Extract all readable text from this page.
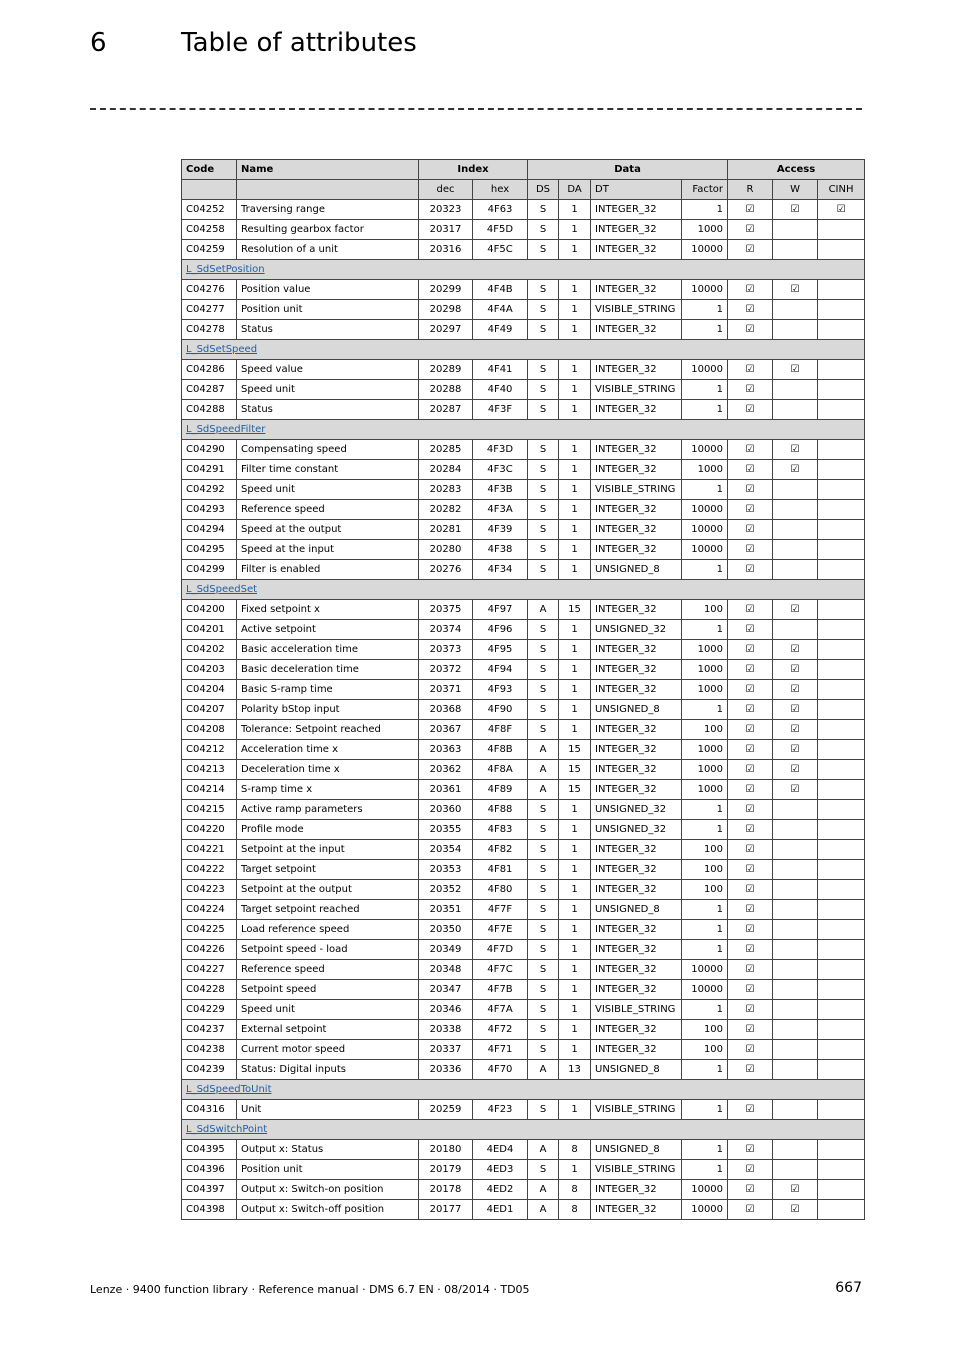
6	Table of attributes
Code	Name	Index		Data				Access		
		dec	hex	DS	DA	DT	Factor	R	W	CINH
C04252	Traversing range	20323	4F63	S	1	INTEGER_32	1	☑	☑	☑
C04258	Resulting gearbox factor	20317	4F5D	S	1	INTEGER_32	1000	☑		
C04259	Resolution of a unit	20316	4F5C	S	1	INTEGER_32	10000	☑		
L_SdSetPosition										
C04276	Position value	20299	4F4B	S	1	INTEGER_32	10000	☑	☑	
C04277	Position unit	20298	4F4A	S	1	VISIBLE_STRING	1	☑		
C04278	Status	20297	4F49	S	1	INTEGER_32	1	☑		
L_SdSetSpeed										
C04286	Speed value	20289	4F41	S	1	INTEGER_32	10000	☑	☑	
C04287	Speed unit	20288	4F40	S	1	VISIBLE_STRING	1	☑		
C04288	Status	20287	4F3F	S	1	INTEGER_32	1	☑		
L_SdSpeedFilter										
C04290	Compensating speed	20285	4F3D	S	1	INTEGER_32	10000	☑	☑	
C04291	Filter time constant	20284	4F3C	S	1	INTEGER_32	1000	☑	☑	
C04292	Speed unit	20283	4F3B	S	1	VISIBLE_STRING	1	☑		
C04293	Reference speed	20282	4F3A	S	1	INTEGER_32	10000	☑		
C04294	Speed at the output	20281	4F39	S	1	INTEGER_32	10000	☑		
C04295	Speed at the input	20280	4F38	S	1	INTEGER_32	10000	☑		
C04299	Filter is enabled	20276	4F34	S	1	UNSIGNED_8	1	☑		
L_SdSpeedSet										
C04200	Fixed setpoint x	20375	4F97	A	15	INTEGER_32	100	☑	☑	
C04201	Active setpoint	20374	4F96	S	1	UNSIGNED_32	1	☑		
C04202	Basic acceleration time	20373	4F95	S	1	INTEGER_32	1000	☑	☑	
C04203	Basic deceleration time	20372	4F94	S	1	INTEGER_32	1000	☑	☑	
C04204	Basic S-ramp time	20371	4F93	S	1	INTEGER_32	1000	☑	☑	
C04207	Polarity bStop input	20368	4F90	S	1	UNSIGNED_8	1	☑	☑	
C04208	Tolerance: Setpoint reached	20367	4F8F	S	1	INTEGER_32	100	☑	☑	
C04212	Acceleration time x	20363	4F8B	A	15	INTEGER_32	1000	☑	☑	
C04213	Deceleration time x	20362	4F8A	A	15	INTEGER_32	1000	☑	☑	
C04214	S-ramp time x	20361	4F89	A	15	INTEGER_32	1000	☑	☑	
C04215	Active ramp parameters	20360	4F88	S	1	UNSIGNED_32	1	☑		
C04220	Profile mode	20355	4F83	S	1	UNSIGNED_32	1	☑		
C04221	Setpoint at the input	20354	4F82	S	1	INTEGER_32	100	☑		
C04222	Target setpoint	20353	4F81	S	1	INTEGER_32	100	☑		
C04223	Setpoint at the output	20352	4F80	S	1	INTEGER_32	100	☑		
C04224	Target setpoint reached	20351	4F7F	S	1	UNSIGNED_8	1	☑		
C04225	Load reference speed	20350	4F7E	S	1	INTEGER_32	1	☑		
C04226	Setpoint speed - load	20349	4F7D	S	1	INTEGER_32	1	☑		
C04227	Reference speed	20348	4F7C	S	1	INTEGER_32	10000	☑		
C04228	Setpoint speed	20347	4F7B	S	1	INTEGER_32	10000	☑		
C04229	Speed unit	20346	4F7A	S	1	VISIBLE_STRING	1	☑		
C04237	External setpoint	20338	4F72	S	1	INTEGER_32	100	☑		
C04238	Current motor speed	20337	4F71	S	1	INTEGER_32	100	☑		
C04239	Status: Digital inputs	20336	4F70	A	13	UNSIGNED_8	1	☑		
L_SdSpeedToUnit										
C04316	Unit	20259	4F23	S	1	VISIBLE_STRING	1	☑		
L_SdSwitchPoint										
C04395	Output x: Status	20180	4ED4	A	8	UNSIGNED_8	1	☑		
C04396	Position unit	20179	4ED3	S	1	VISIBLE_STRING	1	☑		
C04397	Output x: Switch-on position	20178	4ED2	A	8	INTEGER_32	10000	☑	☑	
C04398	Output x: Switch-off position	20177	4ED1	A	8	INTEGER_32	10000	☑	☑	
Lenze · 9400 function library · Reference manual · DMS 6.7 EN · 08/2014 · TD05	667
